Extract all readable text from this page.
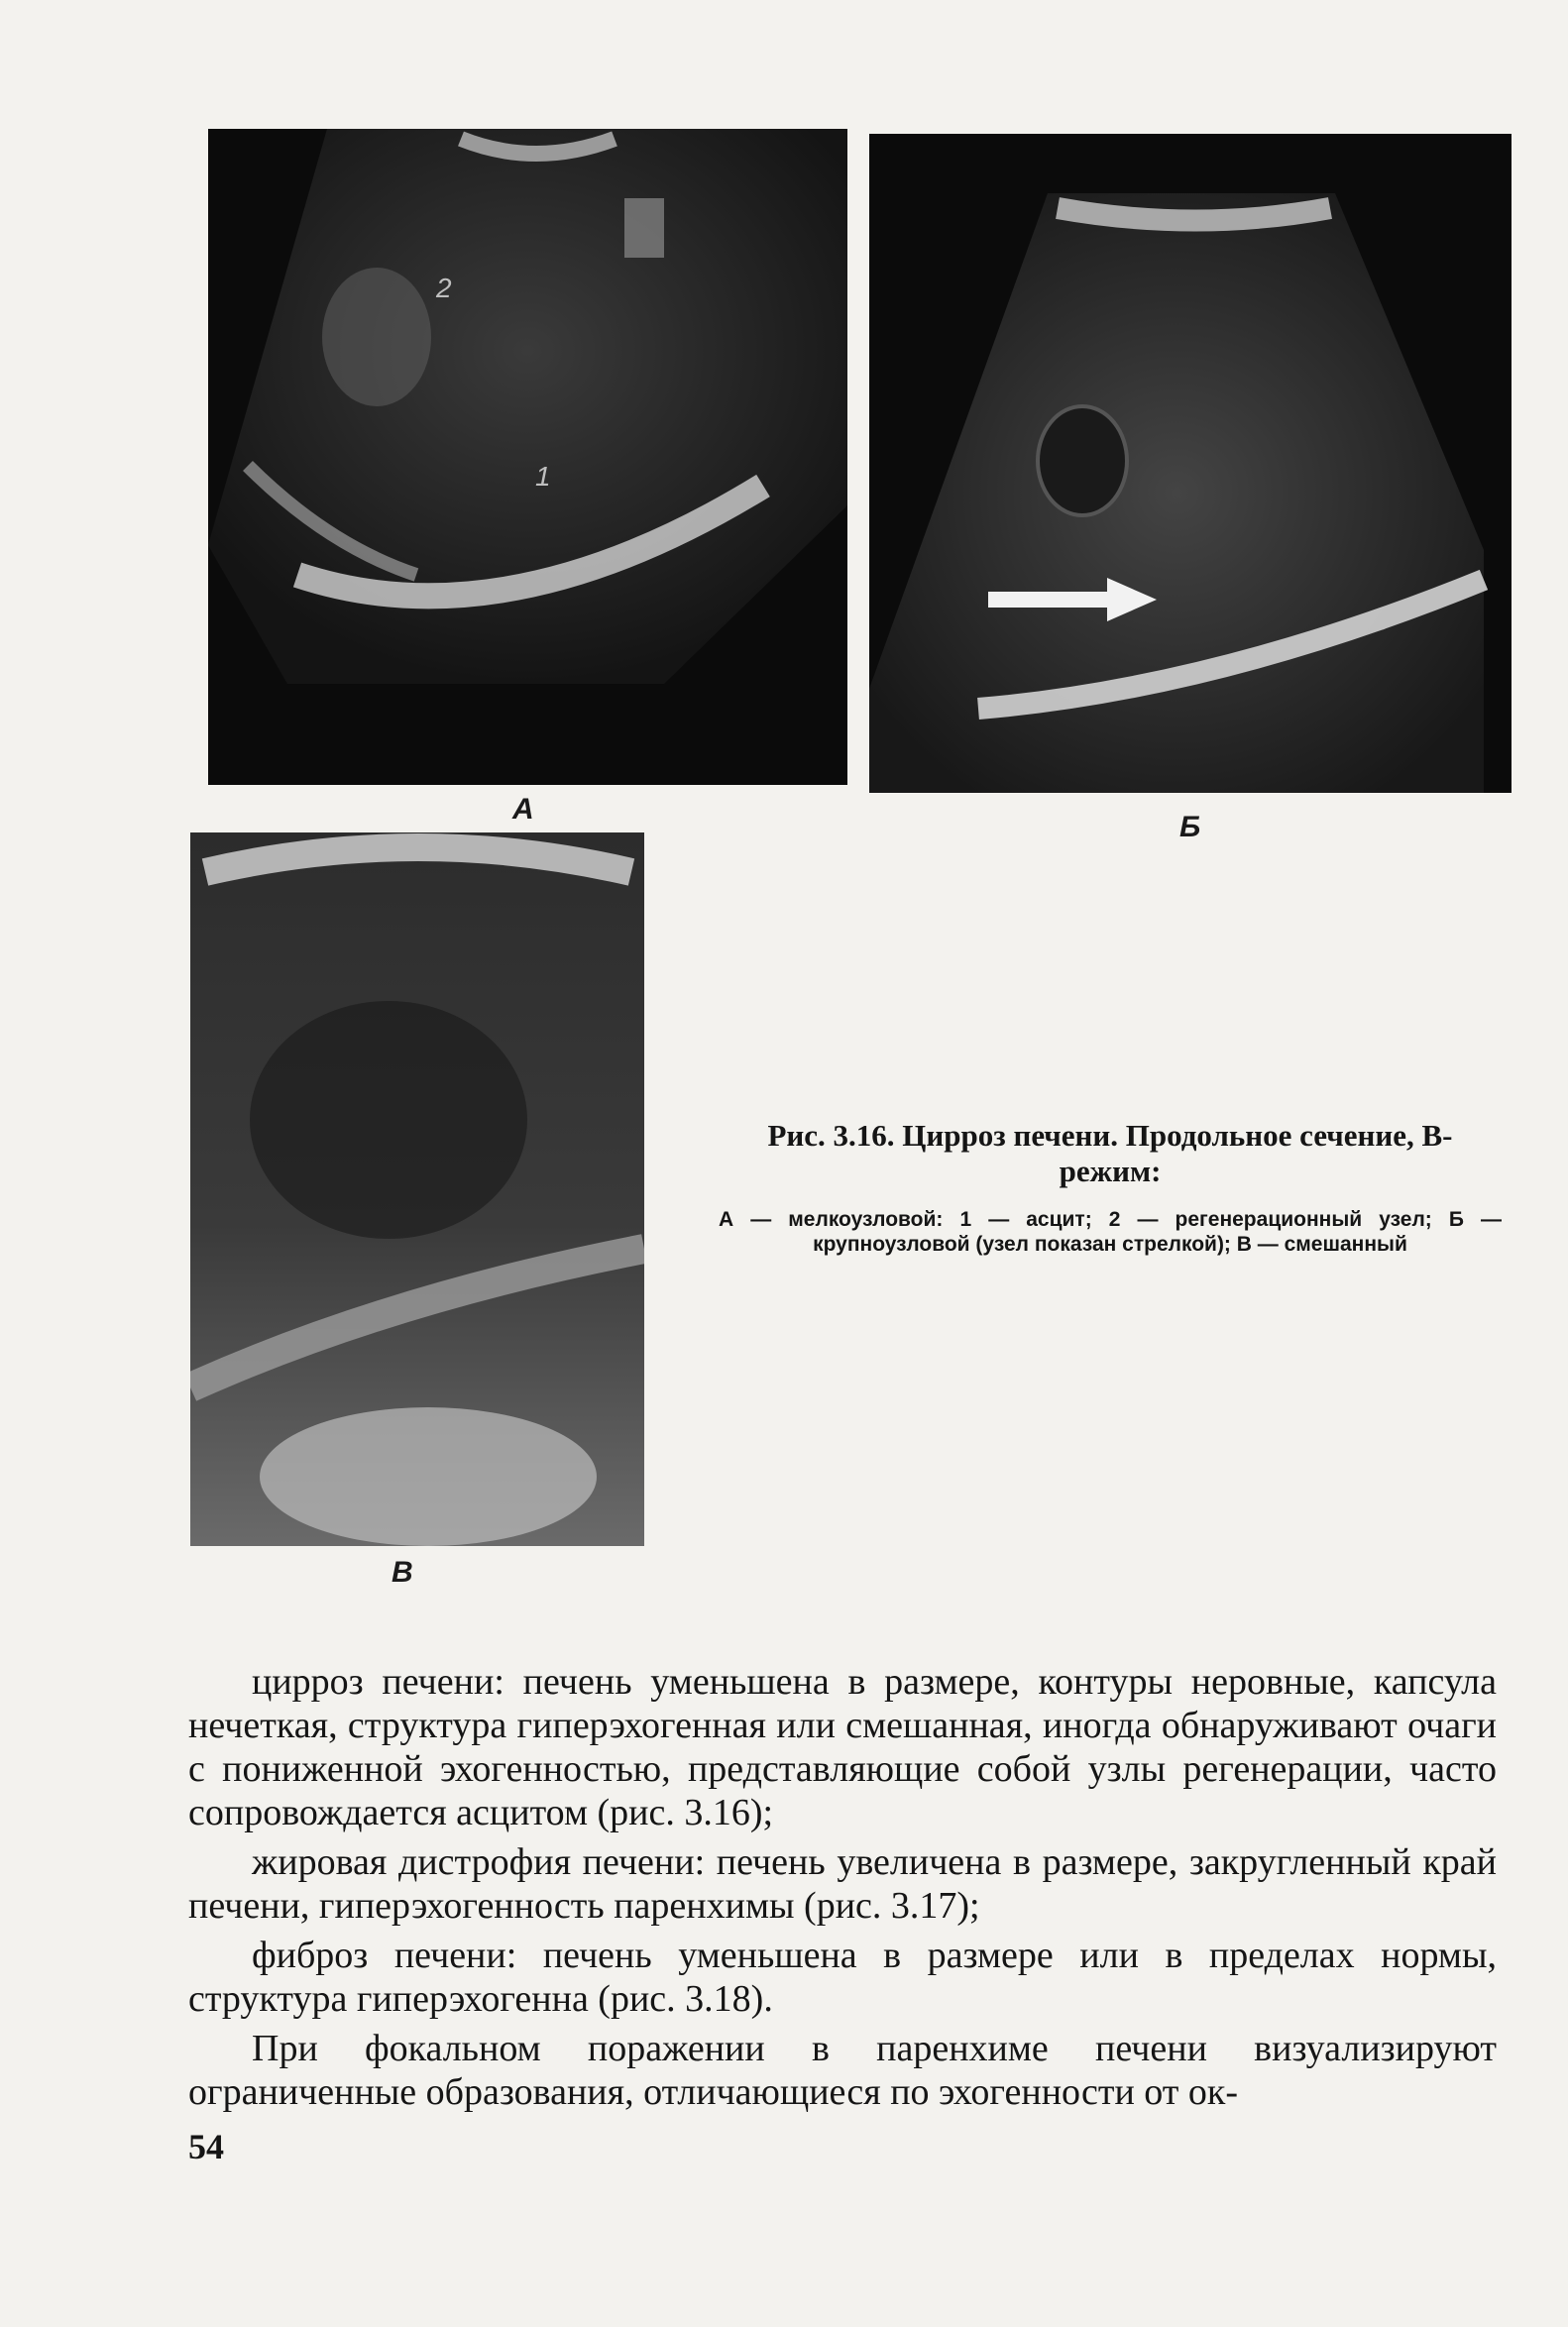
2
1
А
Б
В
Рис. 3.16. Цирроз печени. Продольное сечение, В-режим:
А — мелкоузловой: 1 — асцит; 2 — регенерационный узел; Б — крупноузловой (узел показан стрелкой); В — смешанный

цирроз печени: печень уменьшена в размере, контуры неровные, капсула нечеткая, структура гиперэхогенная или смешанная, иногда обнаруживают очаги с пониженной эхогенностью, представляющие собой узлы регенерации, часто сопровождается асцитом (рис. 3.16);

жировая дистрофия печени: печень увеличена в размере, закругленный край печени, гиперэхогенность паренхимы (рис. 3.17);

фиброз печени: печень уменьшена в размере или в пределах нормы, структура гиперэхогенна (рис. 3.18).

При фокальном поражении в паренхиме печени визуализируют ограниченные образования, отличающиеся по эхогенности от ок-

54
